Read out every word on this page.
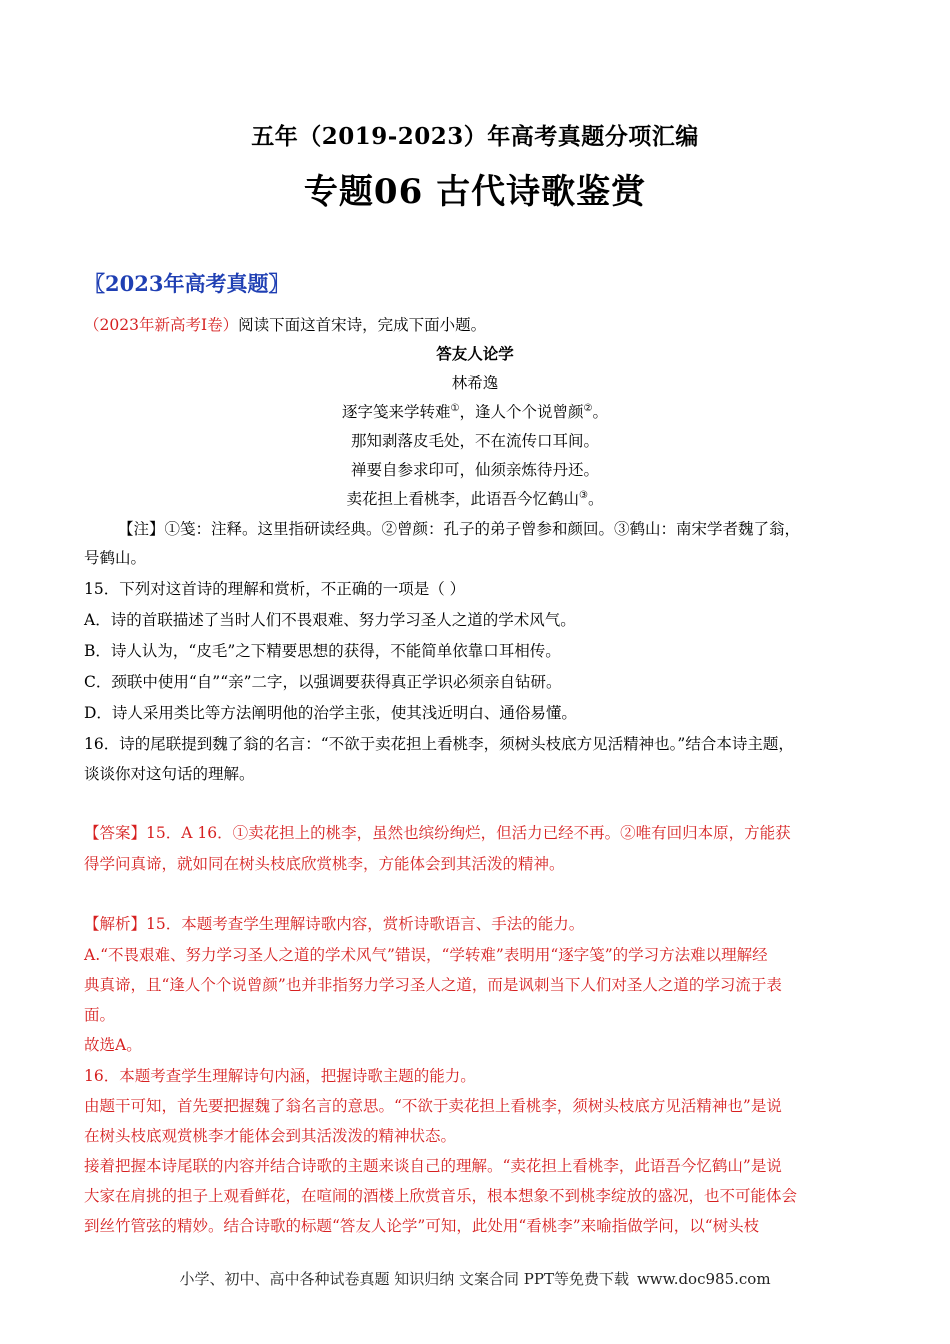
五年（2019-2023）年高考真题分项汇编
专题06 古代诗歌鉴赏
〖2023年高考真题〗
（2023年新高考Ⅰ卷）阅读下面这首宋诗，完成下面小题。
答友人论学
林希逸
逐字笺来学转难①，逢人个个说曾颜②。
那知剥落皮毛处，不在流传口耳间。
禅要自参求印可，仙须亲炼待丹还。
卖花担上看桃李，此语吾今忆鹤山③。
【注】①笺：注释。这里指研读经典。②曾颜：孔子的弟子曾参和颜回。③鹤山：南宋学者魏了翁，
号鹤山。
15．下列对这首诗的理解和赏析，不正确的一项是（ ）
A．诗的首联描述了当时人们不畏艰难、努力学习圣人之道的学术风气。
B．诗人认为，“皮毛”之下精要思想的获得，不能简单依靠口耳相传。
C．颈联中使用“自”“亲”二字，以强调要获得真正学识必须亲自钻研。
D．诗人采用类比等方法阐明他的治学主张，使其浅近明白、通俗易懂。
16．诗的尾联提到魏了翁的名言：“不欲于卖花担上看桃李，须树头枝底方见活精神也。”结合本诗主题，
谈谈你对这句话的理解。
【答案】15．A 16．①卖花担上的桃李，虽然也缤纷绚烂，但活力已经不再。②唯有回归本原，方能获
得学问真谛，就如同在树头枝底欣赏桃李，方能体会到其活泼的精神。
【解析】15．本题考查学生理解诗歌内容，赏析诗歌语言、手法的能力。
A.“不畏艰难、努力学习圣人之道的学术风气”错误，“学转难”表明用“逐字笺”的学习方法难以理解经
典真谛，且“逢人个个说曾颜”也并非指努力学习圣人之道，而是讽刺当下人们对圣人之道的学习流于表
面。
故选A。
16．本题考查学生理解诗句内涵，把握诗歌主题的能力。
由题干可知，首先要把握魏了翁名言的意思。“不欲于卖花担上看桃李，须树头枝底方见活精神也”是说
在树头枝底观赏桃李才能体会到其活泼泼的精神状态。
接着把握本诗尾联的内容并结合诗歌的主题来谈自己的理解。“卖花担上看桃李，此语吾今忆鹤山”是说
大家在肩挑的担子上观看鲜花，在喧闹的酒楼上欣赏音乐，根本想象不到桃李绽放的盛况，也不可能体会
到丝竹管弦的精妙。结合诗歌的标题“答友人论学”可知，此处用“看桃李”来喻指做学问，以“树头枝
小学、初中、高中各种试卷真题 知识归纳 文案合同 PPT等免费下载 www.doc985.com
